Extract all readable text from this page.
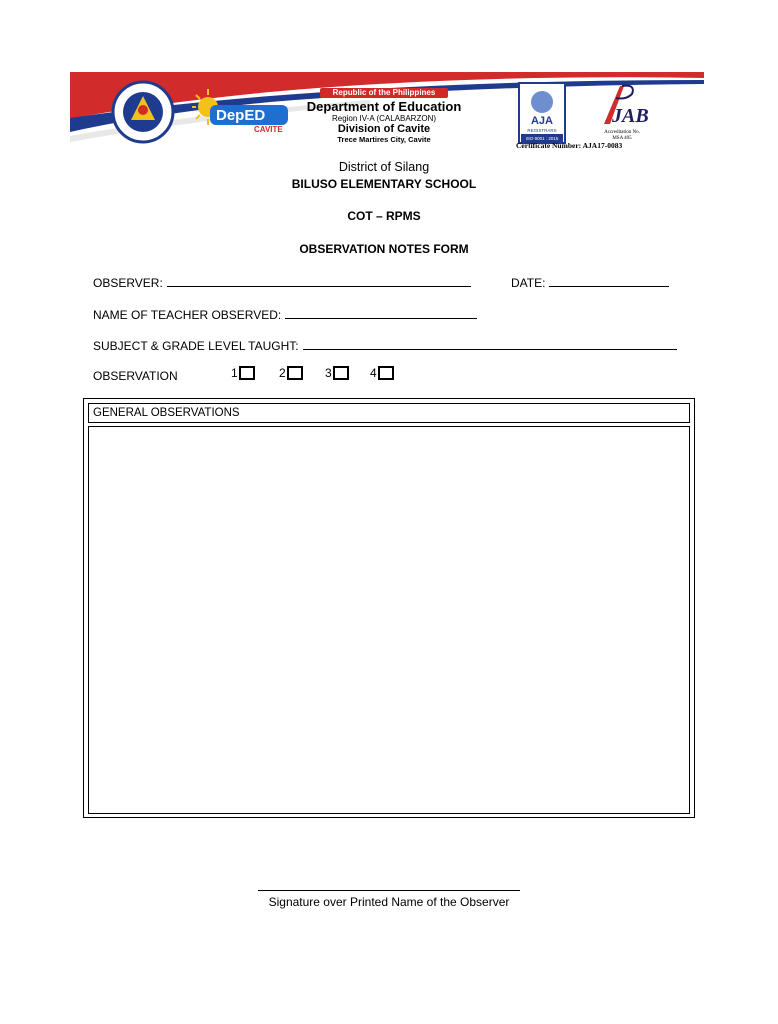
DepED
CAVITE
Republic of the Philippines
Department of Education
Region IV-A (CALABARZON)
Division of Cavite
Trece Martires City, Cavite
AJA
REGISTRARS
ISO 9001 : 2015
JAB
Accreditation No.
MSA 405
Certificate Number: AJA17-0083
District of Silang
BILUSO ELEMENTARY SCHOOL
COT – RPMS
OBSERVATION NOTES FORM
OBSERVER:	DATE:
NAME OF TEACHER OBSERVED:
SUBJECT & GRADE LEVEL TAUGHT:
OBSERVATION	1	2	3	4
GENERAL OBSERVATIONS
Signature over Printed Name of the Observer
